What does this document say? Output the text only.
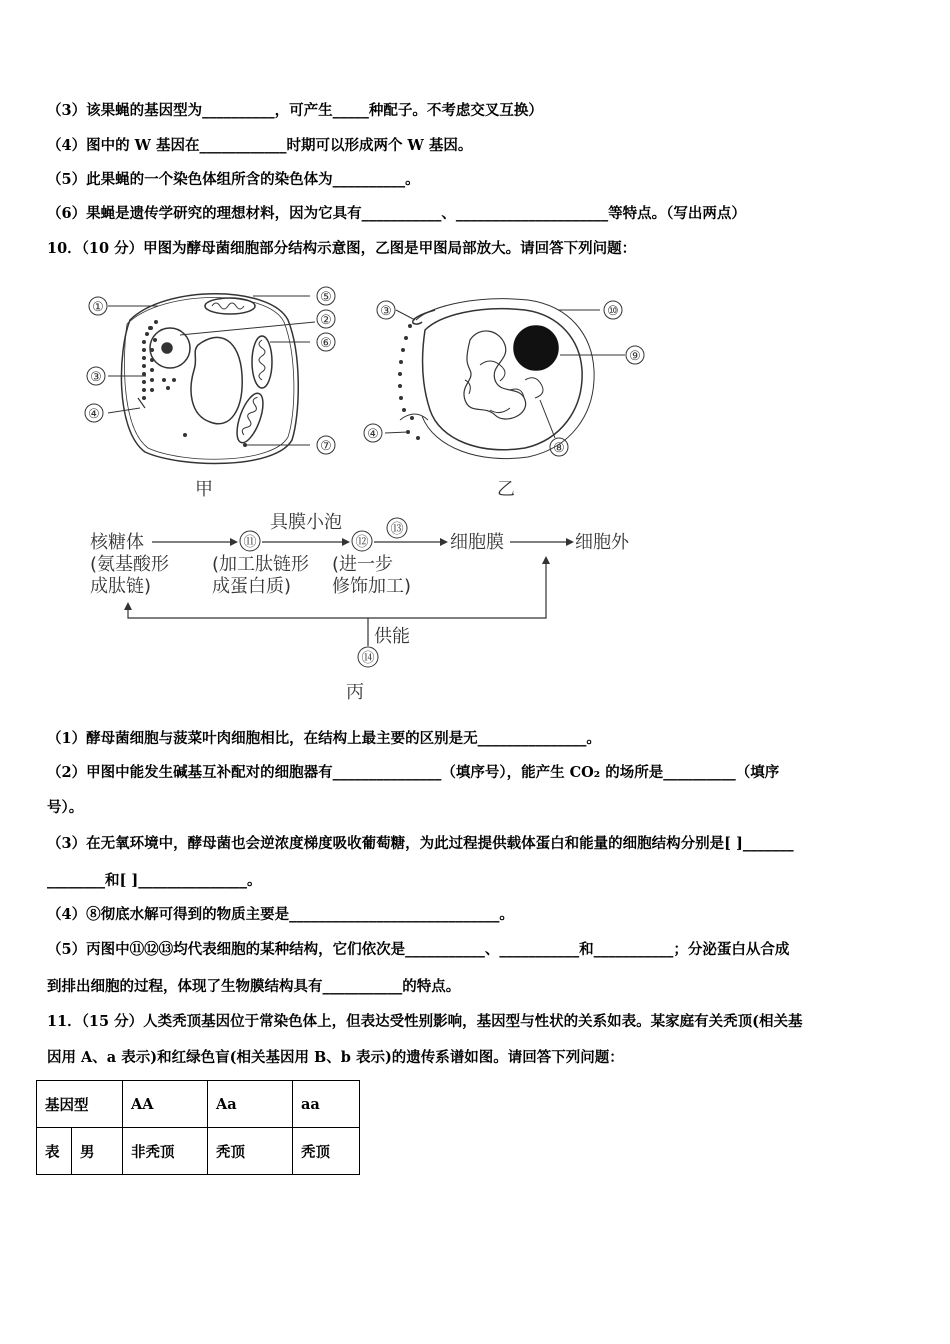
（3）该果蝇的基因型为__________，可产生_____种配子。不考虑交叉互换）
（4）图中的 W 基因在____________时期可以形成两个 W 基因。
（5）此果蝇的一个染色体组所含的染色体为__________。
（6）果蝇是遗传学研究的理想材料，因为它具有___________、_____________________等特点。（写出两点）
10．（10 分）甲图为酵母菌细胞部分结构示意图，乙图是甲图局部放大。请回答下列问题：
①
⑤
②
⑥
③
④
⑦
甲
③	⑩
⑨
④
⑧
乙
核糖体
(氨基酸形
成肽链)
⑪
(加工肽链形
成蛋白质)
具膜小泡
⑫
(进一步
修饰加工)
⑬
细胞膜	细胞外
供能
⑭
丙
（1）酵母菌细胞与菠菜叶肉细胞相比，在结构上最主要的区别是无_______________。
（2）甲图中能发生碱基互补配对的细胞器有_______________（填序号），能产生 CO₂ 的场所是__________（填序
号）。
（3）在无氧环境中，酵母菌也会逆浓度梯度吸收葡萄糖，为此过程提供载体蛋白和能量的细胞结构分别是[ ]_______
________和[ ]_______________。
（4）⑧彻底水解可得到的物质主要是_____________________________。
（5）丙图中⑪⑫⑬均代表细胞的某种结构，它们依次是___________、___________和___________；分泌蛋白从合成
到排出细胞的过程，体现了生物膜结构具有___________的特点。
11．（15 分）人类秃顶基因位于常染色体上，但表达受性别影响，基因型与性状的关系如表。某家庭有关秃顶(相关基
因用 A、a 表示)和红绿色盲(相关基因用 B、b 表示)的遗传系谱如图。请回答下列问题：
基因型		AA	Aa	aa
表	男	非秃顶	秃顶	秃顶
